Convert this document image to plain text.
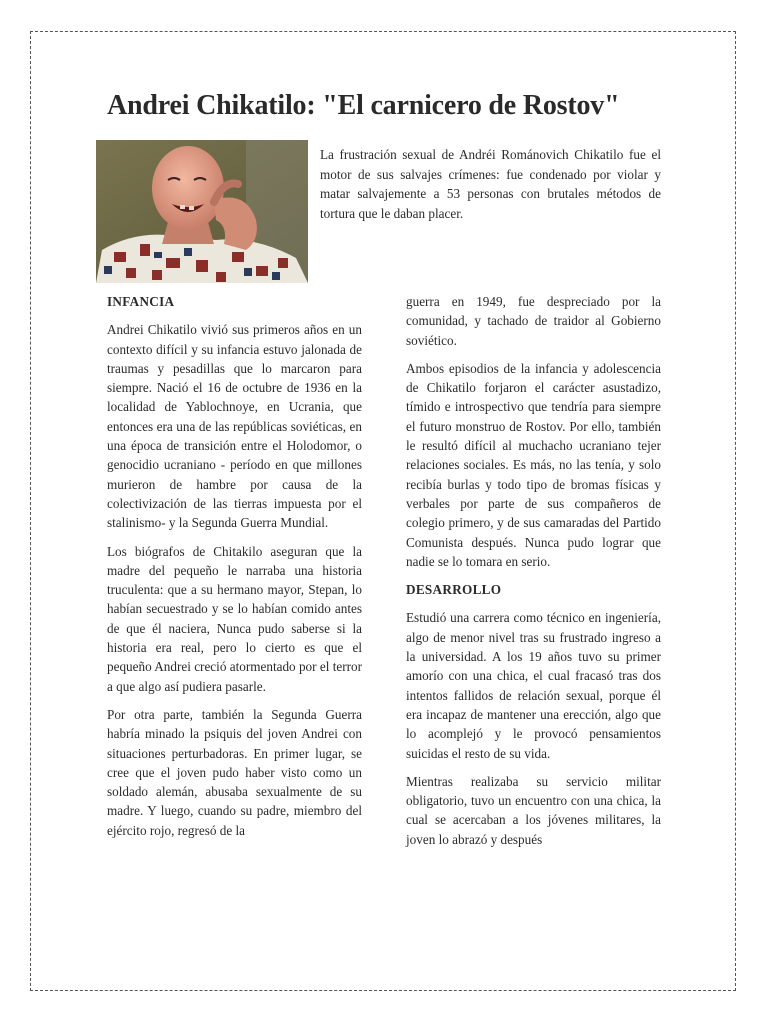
Andrei Chikatilo: "El carnicero de Rostov"

La frustración sexual de Andréi Románovich Chikatilo fue el motor de sus salvajes crímenes: fue condenado por violar y matar salvajemente a 53 personas con brutales métodos de tortura que le daban placer.

INFANCIA

Andrei Chikatilo vivió sus primeros años en un contexto difícil y su infancia estuvo jalonada de traumas y pesadillas que lo marcaron para siempre. Nació el 16 de octubre de 1936 en la localidad de Yablochnoye, en Ucrania, que entonces era una de las repúblicas soviéticas, en una época de transición entre el Holodomor, o genocidio ucraniano - período en que millones murieron de hambre por causa de la colectivización de las tierras impuesta por el stalinismo- y la Segunda Guerra Mundial.

Los biógrafos de Chitakilo aseguran que la madre del pequeño le narraba una historia truculenta: que a su hermano mayor, Stepan, lo habían secuestrado y se lo habían comido antes de que él naciera, Nunca pudo saberse si la historia era real, pero lo cierto es que el pequeño Andrei creció atormentado por el terror a que algo así pudiera pasarle.

Por otra parte, también la Segunda Guerra habría minado la psiquis del joven Andrei con situaciones perturbadoras. En primer lugar, se cree que el joven pudo haber visto como un soldado alemán, abusaba sexualmente de su madre. Y luego, cuando su padre, miembro del ejército rojo, regresó de la

guerra en 1949, fue despreciado por la comunidad, y tachado de traidor al Gobierno soviético.

Ambos episodios de la infancia y adolescencia de Chikatilo forjaron el carácter asustadizo, tímido e introspectivo que tendría para siempre el futuro monstruo de Rostov. Por ello, también le resultó difícil al muchacho ucraniano tejer relaciones sociales. Es más, no las tenía, y solo recibía burlas y todo tipo de bromas físicas y verbales por parte de sus compañeros de colegio primero, y de sus camaradas del Partido Comunista después. Nunca pudo lograr que nadie se lo tomara en serio.

DESARROLLO

Estudió una carrera como técnico en ingeniería, algo de menor nivel tras su frustrado ingreso a la universidad. A los 19 años tuvo su primer amorío con una chica, el cual fracasó tras dos intentos fallidos de relación sexual, porque él era incapaz de mantener una erección, algo que lo acomplejó y le provocó pensamientos suicidas el resto de su vida.

Mientras realizaba su servicio militar obligatorio, tuvo un encuentro con una chica, la cual se acercaban a los jóvenes militares, la joven lo abrazó y después
